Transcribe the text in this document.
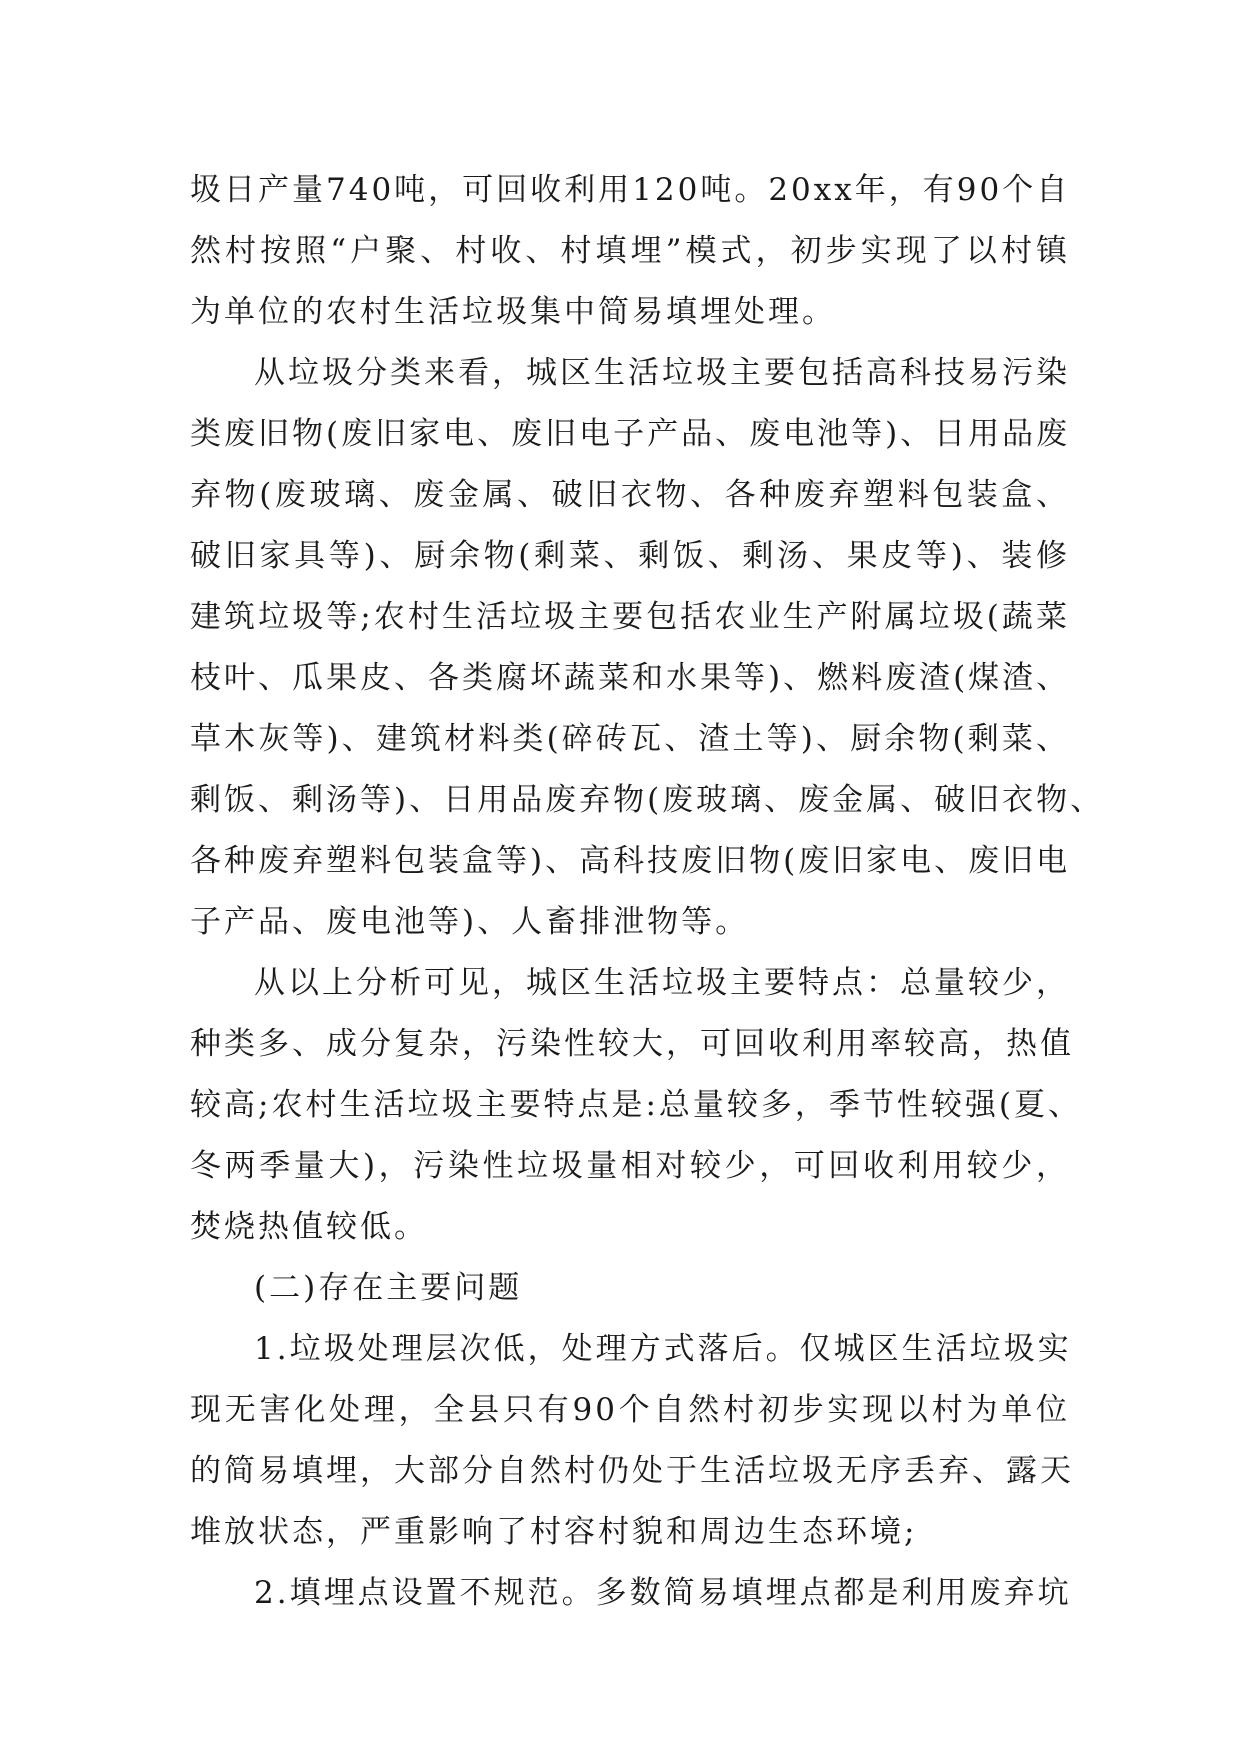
圾日产量740吨，可回收利用120吨。20xx年，有90个自
然村按照“户聚、村收、村填埋”模式，初步实现了以村镇
为单位的农村生活垃圾集中简易填埋处理。
从垃圾分类来看，城区生活垃圾主要包括高科技易污染
类废旧物(废旧家电、废旧电子产品、废电池等)、日用品废
弃物(废玻璃、废金属、破旧衣物、各种废弃塑料包装盒、
破旧家具等)、厨余物(剩菜、剩饭、剩汤、果皮等)、装修
建筑垃圾等;农村生活垃圾主要包括农业生产附属垃圾(蔬菜
枝叶、瓜果皮、各类腐坏蔬菜和水果等)、燃料废渣(煤渣、
草木灰等)、建筑材料类(碎砖瓦、渣土等)、厨余物(剩菜、
剩饭、剩汤等)、日用品废弃物(废玻璃、废金属、破旧衣物、
各种废弃塑料包装盒等)、高科技废旧物(废旧家电、废旧电
子产品、废电池等)、人畜排泄物等。
从以上分析可见，城区生活垃圾主要特点：总量较少，
种类多、成分复杂，污染性较大，可回收利用率较高，热值
较高;农村生活垃圾主要特点是:总量较多，季节性较强(夏、
冬两季量大)，污染性垃圾量相对较少，可回收利用较少，
焚烧热值较低。
(二)存在主要问题
1.垃圾处理层次低，处理方式落后。仅城区生活垃圾实
现无害化处理，全县只有90个自然村初步实现以村为单位
的简易填埋，大部分自然村仍处于生活垃圾无序丢弃、露天
堆放状态，严重影响了村容村貌和周边生态环境;
2.填埋点设置不规范。多数简易填埋点都是利用废弃坑
